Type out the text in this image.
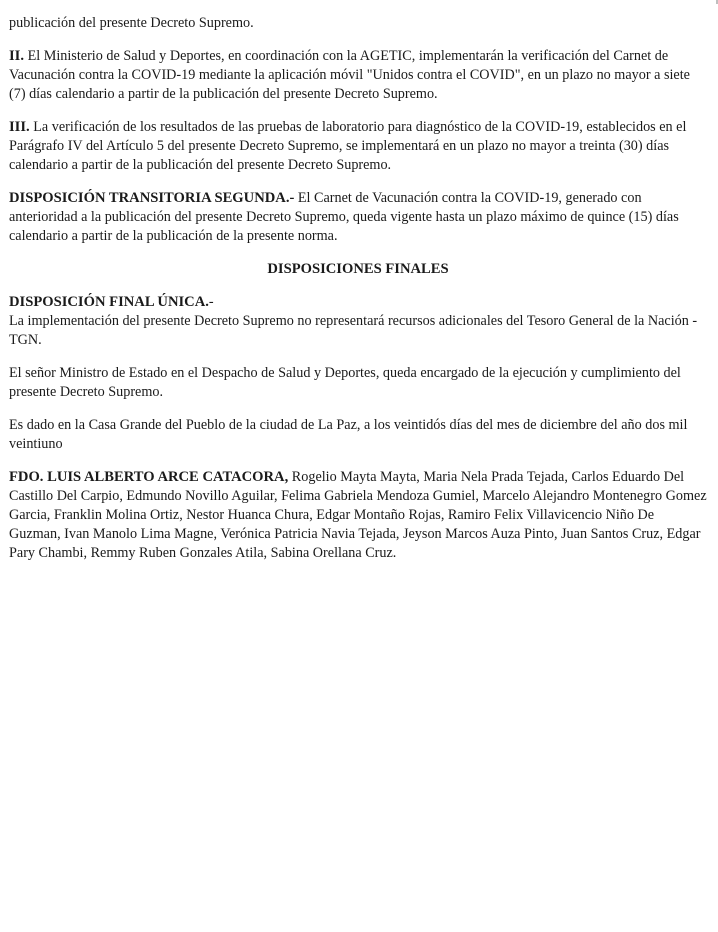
publicación del presente Decreto Supremo.

II. El Ministerio de Salud y Deportes, en coordinación con la AGETIC, implementarán la verificación del Carnet de Vacunación contra la COVID-19 mediante la aplicación móvil "Unidos contra el COVID", en un plazo no mayor a siete (7) días calendario a partir de la publicación del presente Decreto Supremo.

III. La verificación de los resultados de las pruebas de laboratorio para diagnóstico de la COVID-19, establecidos en el Parágrafo IV del Artículo 5 del presente Decreto Supremo, se implementará en un plazo no mayor a treinta (30) días calendario a partir de la publicación del presente Decreto Supremo.

DISPOSICIÓN TRANSITORIA SEGUNDA.- El Carnet de Vacunación contra la COVID-19, generado con anterioridad a la publicación del presente Decreto Supremo, queda vigente hasta un plazo máximo de quince (15) días calendario a partir de la publicación de la presente norma.

DISPOSICIONES FINALES

DISPOSICIÓN FINAL ÚNICA.-

La implementación del presente Decreto Supremo no representará recursos adicionales del Tesoro General de la Nación - TGN.

El señor Ministro de Estado en el Despacho de Salud y Deportes, queda encargado de la ejecución y cumplimiento del presente Decreto Supremo.

Es dado en la Casa Grande del Pueblo de la ciudad de La Paz, a los veintidós días del mes de diciembre del año dos mil veintiuno

FDO. LUIS ALBERTO ARCE CATACORA, Rogelio Mayta Mayta, Maria Nela Prada Tejada, Carlos Eduardo Del Castillo Del Carpio, Edmundo Novillo Aguilar, Felima Gabriela Mendoza Gumiel, Marcelo Alejandro Montenegro Gomez Garcia, Franklin Molina Ortiz, Nestor Huanca Chura, Edgar Montaño Rojas, Ramiro Felix Villavicencio Niño De Guzman, Ivan Manolo Lima Magne, Verónica Patricia Navia Tejada, Jeyson Marcos Auza Pinto, Juan Santos Cruz, Edgar Pary Chambi, Remmy Ruben Gonzales Atila, Sabina Orellana Cruz.
